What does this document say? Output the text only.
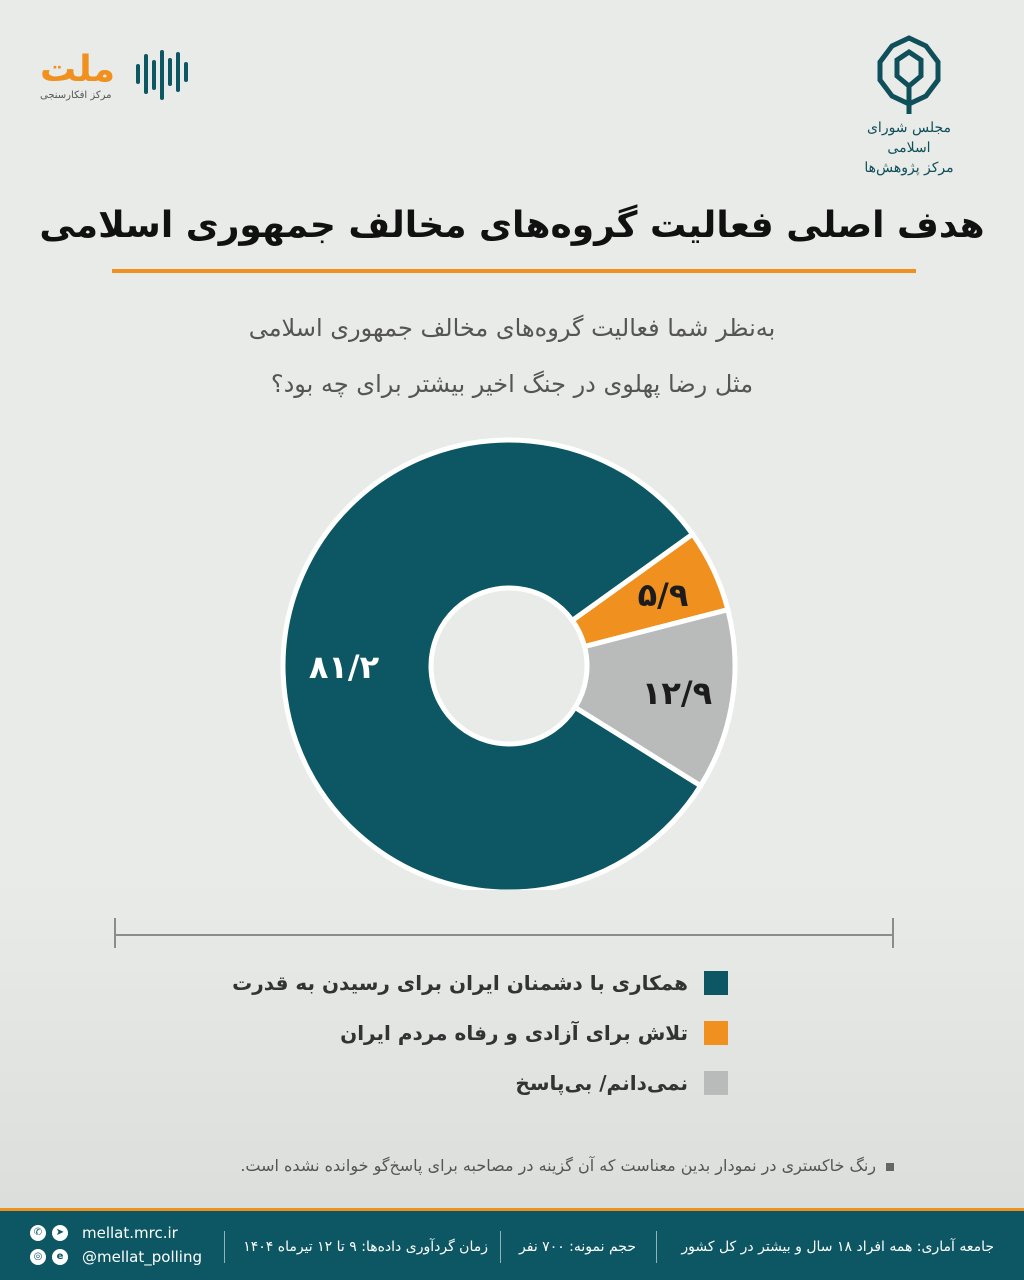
ملت
مرکز افکارسنجی
مجلس شورای اسلامی
مرکز پژوهش‌ها
هدف اصلی فعالیت گروه‌های مخالف جمهوری اسلامی
به‌نظر شما فعالیت گروه‌های مخالف جمهوری اسلامی
مثل رضا پهلوی در جنگ اخیر بیشتر برای چه بود؟
۸۱/۲
۵/۹
۱۲/۹
همکاری با دشمنان ایران برای رسیدن به قدرت
تلاش برای آزادی و رفاه مردم ایران
نمی‌دانم/ بی‌پاسخ
رنگ خاکستری در نمودار بدین معناست که آن گزینه در مصاحبه برای پاسخ‌گو خوانده نشده است.
جامعه آماری: همه افراد ۱۸ سال و بیشتر در کل کشور
حجم نمونه: ۷۰۰ نفر
زمان گردآوری داده‌ها: ۹ تا ۱۲ تیرماه ۱۴۰۴
✆	➤ mellat.mrc.ir
◎	e	@mellat_polling
